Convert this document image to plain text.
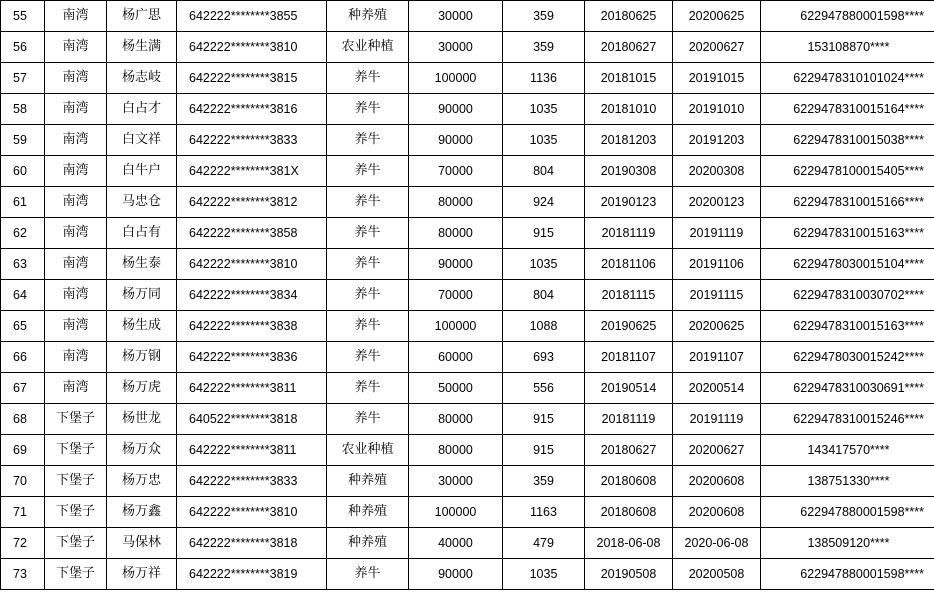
55	南湾	杨广思	642222********3855	种养殖	30000	359	20180625	20200625	622947880001598****
56	南湾	杨生满	642222********3810	农业种植	30000	359	20180627	20200627	153108870****
57	南湾	杨志岐	642222********3815	养牛	100000	1136	20181015	20191015	6229478310101024****
58	南湾	白占才	642222********3816	养牛	90000	1035	20181010	20191010	6229478310015164****
59	南湾	白文祥	642222********3833	养牛	90000	1035	20181203	20191203	6229478310015038****
60	南湾	白牛户	642222********381X	养牛	70000	804	20190308	20200308	6229478100015405****
61	南湾	马忠仓	642222********3812	养牛	80000	924	20190123	20200123	6229478310015166****
62	南湾	白占有	642222********3858	养牛	80000	915	20181119	20191119	6229478310015163****
63	南湾	杨生泰	642222********3810	养牛	90000	1035	20181106	20191106	6229478030015104****
64	南湾	杨万同	642222********3834	养牛	70000	804	20181115	20191115	6229478310030702****
65	南湾	杨生成	642222********3838	养牛	100000	1088	20190625	20200625	6229478310015163****
66	南湾	杨万钢	642222********3836	养牛	60000	693	20181107	20191107	6229478030015242****
67	南湾	杨万虎	642222********3811	养牛	50000	556	20190514	20200514	6229478310030691****
68	下堡子	杨世龙	640522********3818	养牛	80000	915	20181119	20191119	6229478310015246****
69	下堡子	杨万众	642222********3811	农业种植	80000	915	20180627	20200627	143417570****
70	下堡子	杨万忠	642222********3833	种养殖	30000	359	20180608	20200608	138751330****
71	下堡子	杨万鑫	642222********3810	种养殖	100000	1163	20180608	20200608	622947880001598****
72	下堡子	马保林	642222********3818	种养殖	40000	479	2018-06-08	2020-06-08	138509120****
73	下堡子	杨万祥	642222********3819	养牛	90000	1035	20190508	20200508	622947880001598****
